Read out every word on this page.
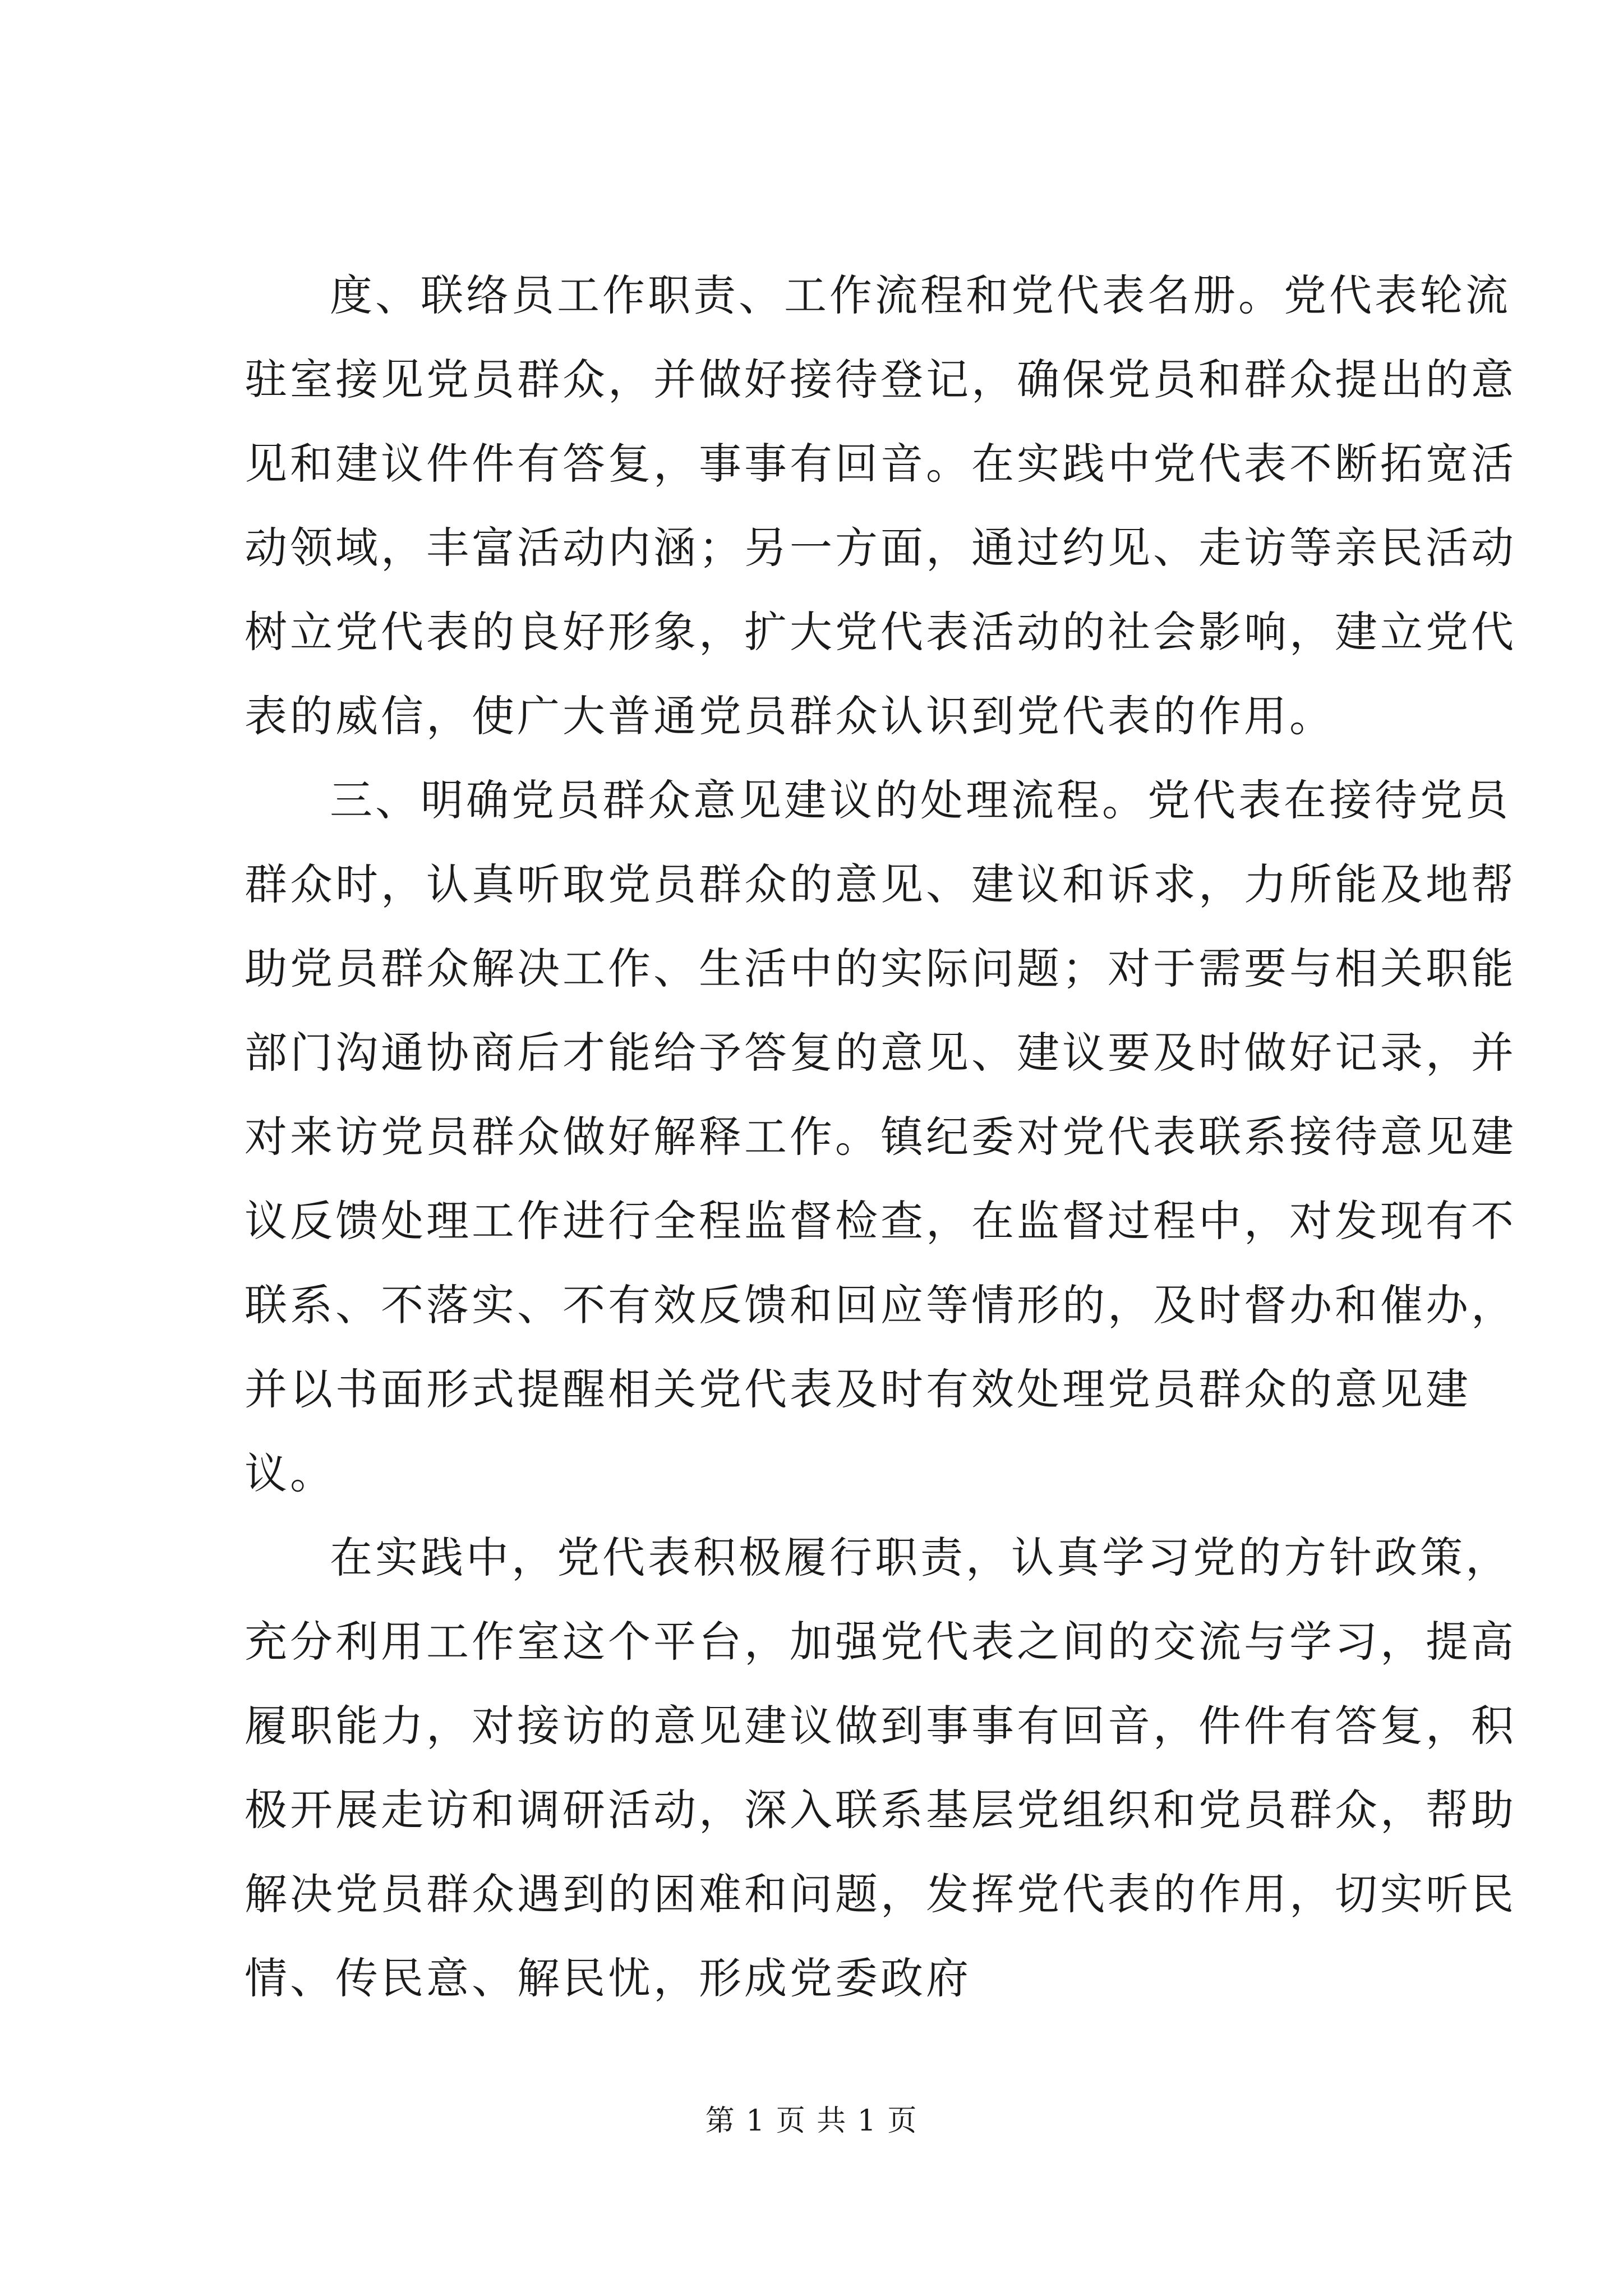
度、联络员工作职责、工作流程和党代表名册。党代表轮流
驻室接见党员群众，并做好接待登记，确保党员和群众提出的意
见和建议件件有答复，事事有回音。在实践中党代表不断拓宽活
动领域，丰富活动内涵；另一方面，通过约见、走访等亲民活动
树立党代表的良好形象，扩大党代表活动的社会影响，建立党代
表的威信，使广大普通党员群众认识到党代表的作用。
三、明确党员群众意见建议的处理流程。党代表在接待党员
群众时，认真听取党员群众的意见、建议和诉求，力所能及地帮
助党员群众解决工作、生活中的实际问题；对于需要与相关职能
部门沟通协商后才能给予答复的意见、建议要及时做好记录，并
对来访党员群众做好解释工作。镇纪委对党代表联系接待意见建
议反馈处理工作进行全程监督检查，在监督过程中，对发现有不
联系、不落实、不有效反馈和回应等情形的，及时督办和催办，
并以书面形式提醒相关党代表及时有效处理党员群众的意见建
议。
在实践中，党代表积极履行职责，认真学习党的方针政策，
充分利用工作室这个平台，加强党代表之间的交流与学习，提高
履职能力，对接访的意见建议做到事事有回音，件件有答复，积
极开展走访和调研活动，深入联系基层党组织和党员群众，帮助
解决党员群众遇到的困难和问题，发挥党代表的作用，切实听民
情、传民意、解民忧，形成党委政府
第 1 页 共 1 页
